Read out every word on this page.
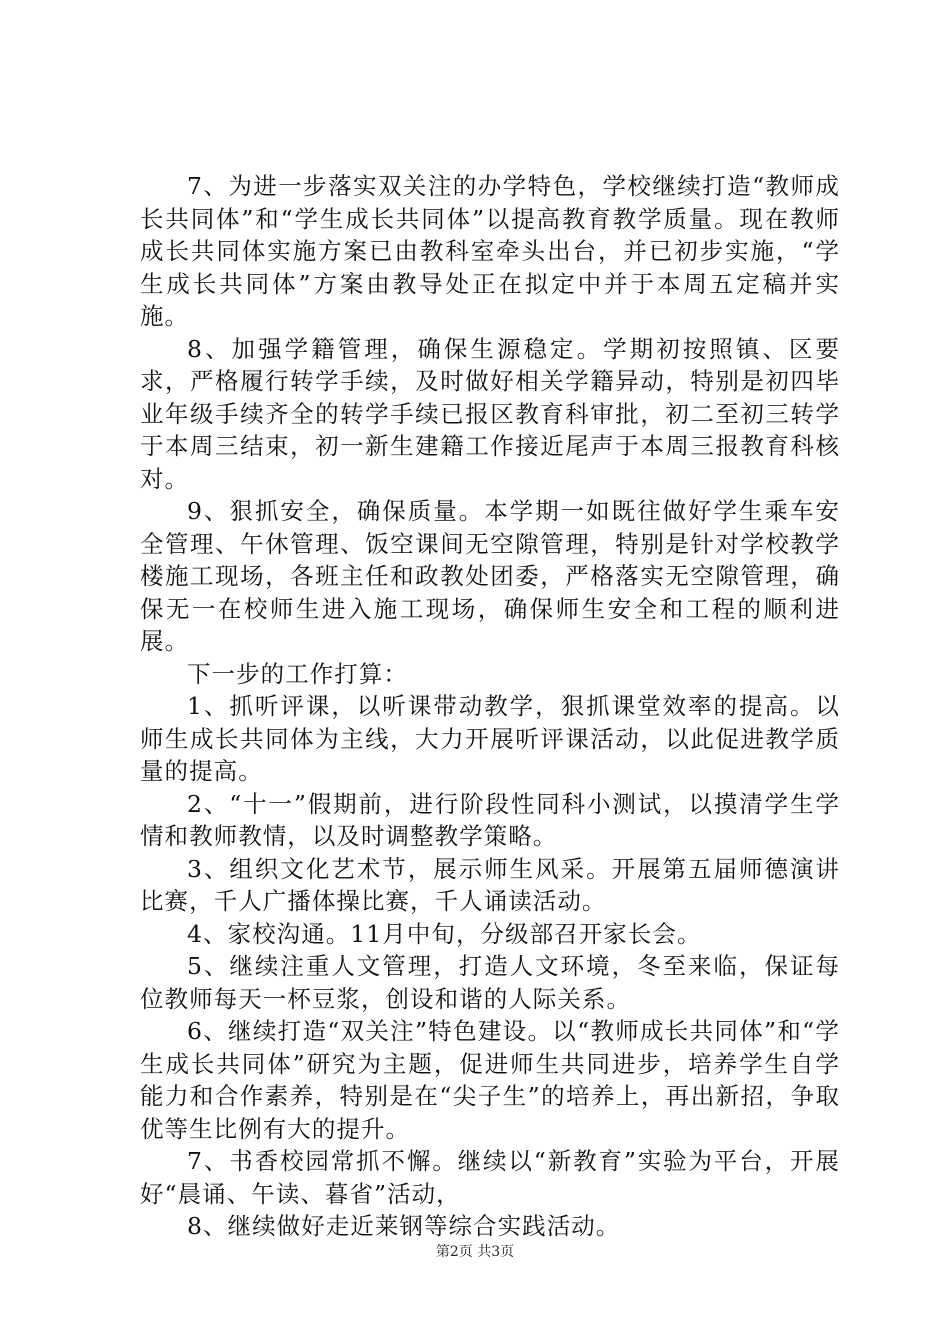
7、为进一步落实双关注的办学特色，学校继续打造“教师成长共同体”和“学生成长共同体”以提高教育教学质量。现在教师成长共同体实施方案已由教科室牵头出台，并已初步实施，“学生成长共同体”方案由教导处正在拟定中并于本周五定稿并实施。

8、加强学籍管理，确保生源稳定。学期初按照镇、区要求，严格履行转学手续，及时做好相关学籍异动，特别是初四毕业年级手续齐全的转学手续已报区教育科审批，初二至初三转学于本周三结束，初一新生建籍工作接近尾声于本周三报教育科核对。

9、狠抓安全，确保质量。本学期一如既往做好学生乘车安全管理、午休管理、饭空课间无空隙管理，特别是针对学校教学楼施工现场，各班主任和政教处团委，严格落实无空隙管理，确保无一在校师生进入施工现场，确保师生安全和工程的顺利进展。

下一步的工作打算：

1、抓听评课，以听课带动教学，狠抓课堂效率的提高。以师生成长共同体为主线，大力开展听评课活动，以此促进教学质量的提高。

2、“十一”假期前，进行阶段性同科小测试，以摸清学生学情和教师教情，以及时调整教学策略。

3、组织文化艺术节，展示师生风采。开展第五届师德演讲比赛，千人广播体操比赛，千人诵读活动。

4、家校沟通。11月中旬，分级部召开家长会。

5、继续注重人文管理，打造人文环境，冬至来临，保证每位教师每天一杯豆浆，创设和谐的人际关系。

6、继续打造“双关注”特色建设。以“教师成长共同体”和“学生成长共同体”研究为主题，促进师生共同进步，培养学生自学能力和合作素养，特别是在“尖子生”的培养上，再出新招，争取优等生比例有大的提升。

7、书香校园常抓不懈。继续以“新教育”实验为平台，开展好“晨诵、午读、暮省”活动，

8、继续做好走近莱钢等综合实践活动。

第2页 共3页
